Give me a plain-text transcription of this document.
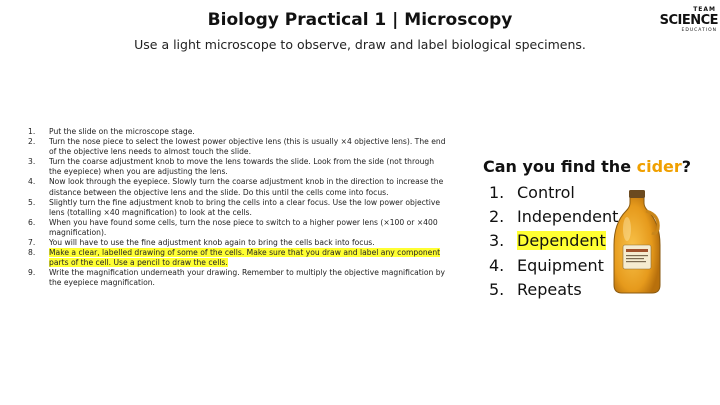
Biology Practical 1 | Microscopy
Use a light microscope to observe, draw and label biological specimens.
TEAM
SCIENCE
EDUCATION
1. Put the slide on the microscope stage.
2. Turn the nose piece to select the lowest power objective lens (this is usually ×4 objective lens). The end of the objective lens needs to almost touch the slide.
3. Turn the coarse adjustment knob to move the lens towards the slide. Look from the side (not through the eyepiece) when you are adjusting the lens.
4. Now look through the eyepiece. Slowly turn the coarse adjustment knob in the direction to increase the distance between the objective lens and the slide. Do this until the cells come into focus.
5. Slightly turn the fine adjustment knob to bring the cells into a clear focus. Use the low power objective lens (totalling ×40 magnification) to look at the cells.
6. When you have found some cells, turn the nose piece to switch to a higher power lens (×100 or ×400 magnification).
7. You will have to use the fine adjustment knob again to bring the cells back into focus.
8. Make a clear, labelled drawing of some of the cells. Make sure that you draw and label any component parts of the cell. Use a pencil to draw the cells.
9. Write the magnification underneath your drawing. Remember to multiply the objective magnification by the eyepiece magnification.
Can you find the cider?
1. Control
2. Independent
3. Dependent
4. Equipment
5. Repeats
